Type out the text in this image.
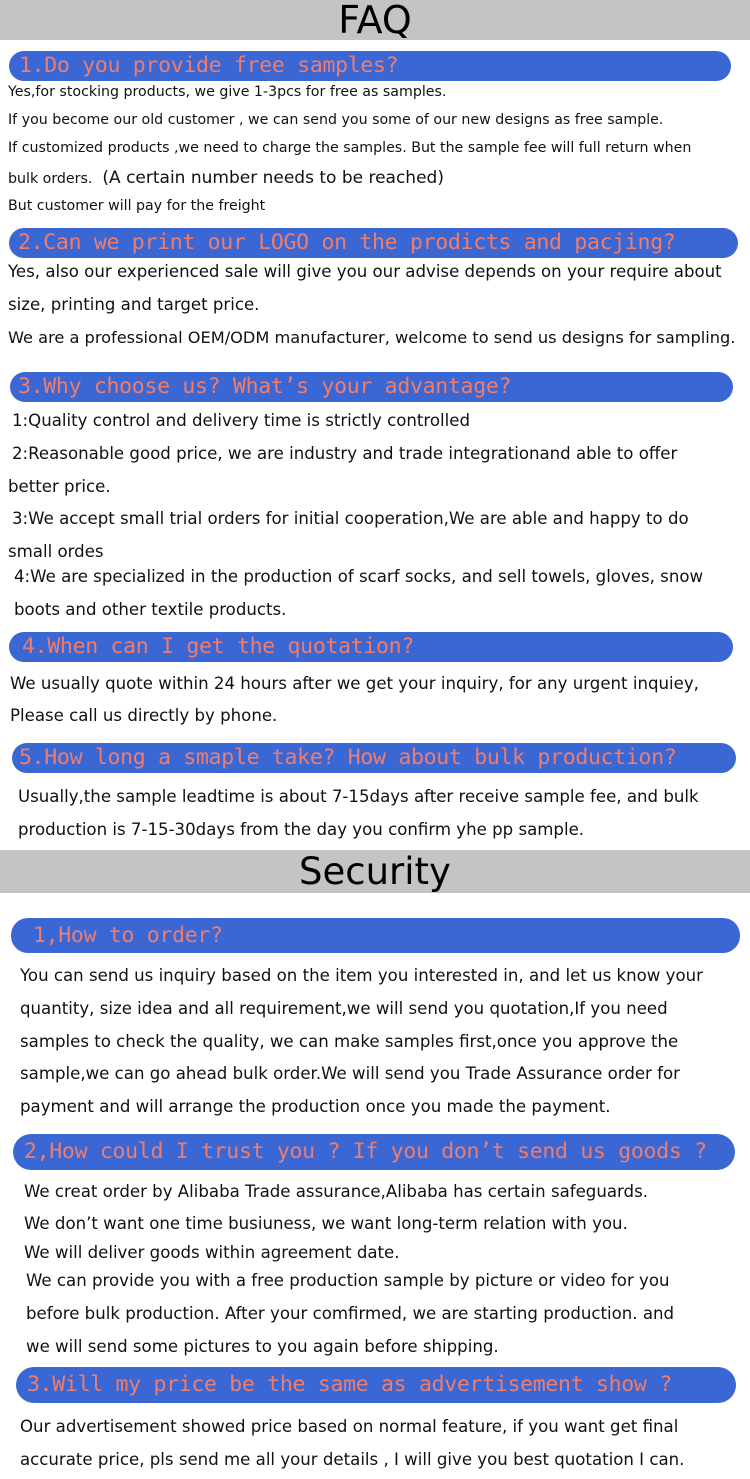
FAQ
1.Do you provide free samples?
Yes,for stocking products, we give 1-3pcs for free as samples.
If you become our old customer , we can send you some of our new designs as free sample.
If customized products ,we need to charge the samples. But the sample fee will full return when
bulk orders. (A certain number needs to be reached)
But customer will pay for the freight
2.Can we print our LOGO on the prodicts and pacjing?
Yes, also our experienced sale will give you our advise depends on your require about
size, printing and target price.
We are a professional OEM/ODM manufacturer, welcome to send us designs for sampling.
3.Why choose us? What’s your advantage?
1:Quality control and delivery time is strictly controlled
2:Reasonable good price, we are industry and trade integrationand able to offer
better price.
3:We accept small trial orders for initial cooperation,We are able and happy to do
small ordes
4:We are specialized in the production of scarf socks, and sell towels, gloves, snow
boots and other textile products.
4.When can I get the quotation?
We usually quote within 24 hours after we get your inquiry, for any urgent inquiey,
Please call us directly by phone.
5.How long a smaple take? How about bulk production?
Usually,the sample leadtime is about 7-15days after receive sample fee, and bulk
production is 7-15-30days from the day you confirm yhe pp sample.
Security
1,How to order?
You can send us inquiry based on the item you interested in, and let us know your
quantity, size idea and all requirement,we will send you quotation,If you need
samples to check the quality, we can make samples first,once you approve the
sample,we can go ahead bulk order.We will send you Trade Assurance order for
payment and will arrange the production once you made the payment.
2,How could I trust you ? If you don’t send us goods ?
We creat order by Alibaba Trade assurance,Alibaba has certain safeguards.
We don’t want one time busiuness, we want long-term relation with you.
We will deliver goods within agreement date.
We can provide you with a free production sample by picture or video for you
before bulk production. After your comfirmed, we are starting production. and
we will send some pictures to you again before shipping.
3.Will my price be the same as advertisement show ?
Our advertisement showed price based on normal feature, if you want get final
accurate price, pls send me all your details , I will give you best quotation I can.
